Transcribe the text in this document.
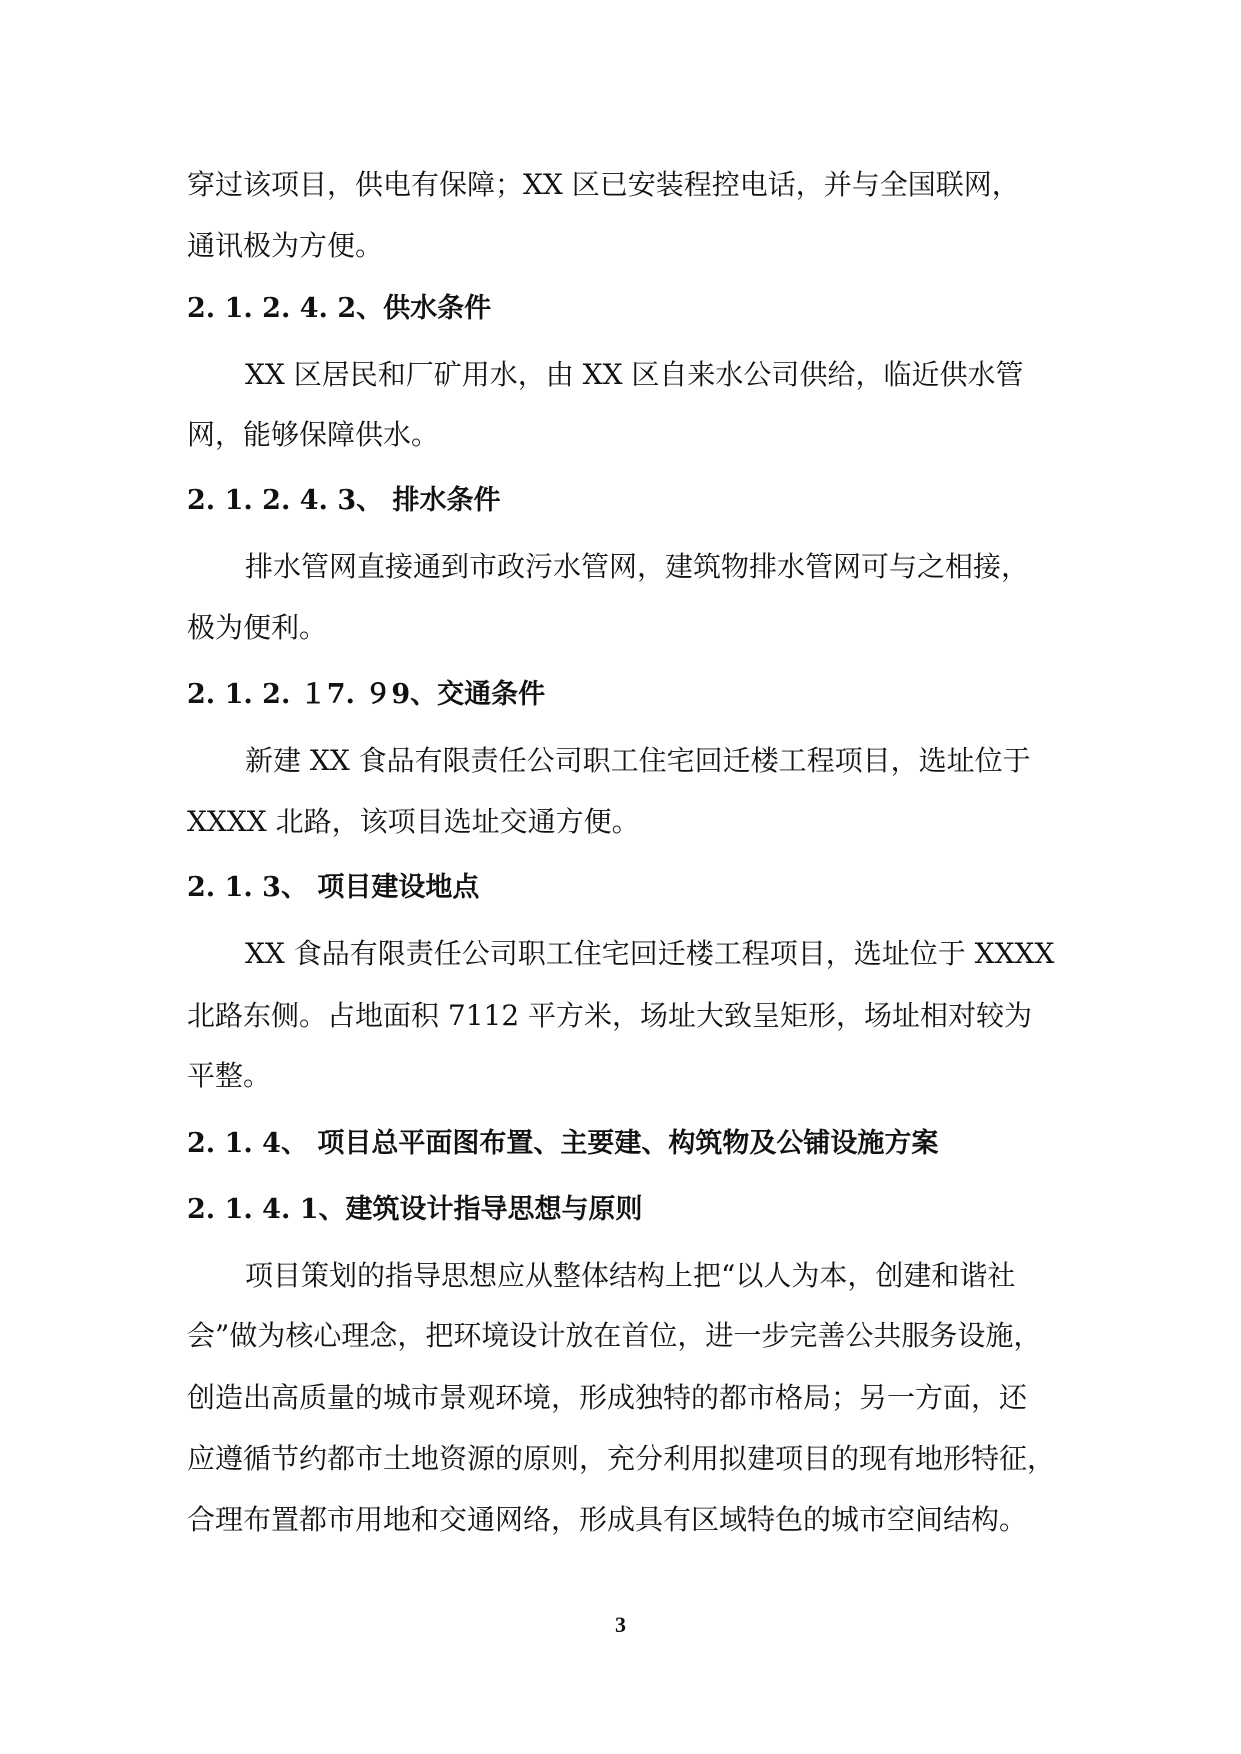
穿过该项目，供电有保障；XX 区已安装程控电话，并与全国联网，
通讯极为方便。
2. 1. 2. 4. 2、供水条件
XX 区居民和厂矿用水，由 XX 区自来水公司供给，临近供水管
网，能够保障供水。
2. 1. 2. 4. 3、 排水条件
排水管网直接通到市政污水管网，建筑物排水管网可与之相接，
极为便利。
2. 1. 2. １7. ９9、交通条件
新建 XX 食品有限责任公司职工住宅回迁楼工程项目，选址位于
XXXX 北路，该项目选址交通方便。
2. 1. 3、 项目建设地点
XX 食品有限责任公司职工住宅回迁楼工程项目，选址位于 XXXX
北路东侧。占地面积 7112 平方米，场址大致呈矩形，场址相对较为
平整。
2. 1. 4、 项目总平面图布置、主要建、构筑物及公铺设施方案
2. 1. 4. 1、建筑设计指导思想与原则
项目策划的指导思想应从整体结构上把“以人为本，创建和谐社
会”做为核心理念，把环境设计放在首位，进一步完善公共服务设施，
创造出高质量的城市景观环境，形成独特的都市格局；另一方面，还
应遵循节约都市土地资源的原则，充分利用拟建项目的现有地形特征，
合理布置都市用地和交通网络，形成具有区域特色的城市空间结构。
3
